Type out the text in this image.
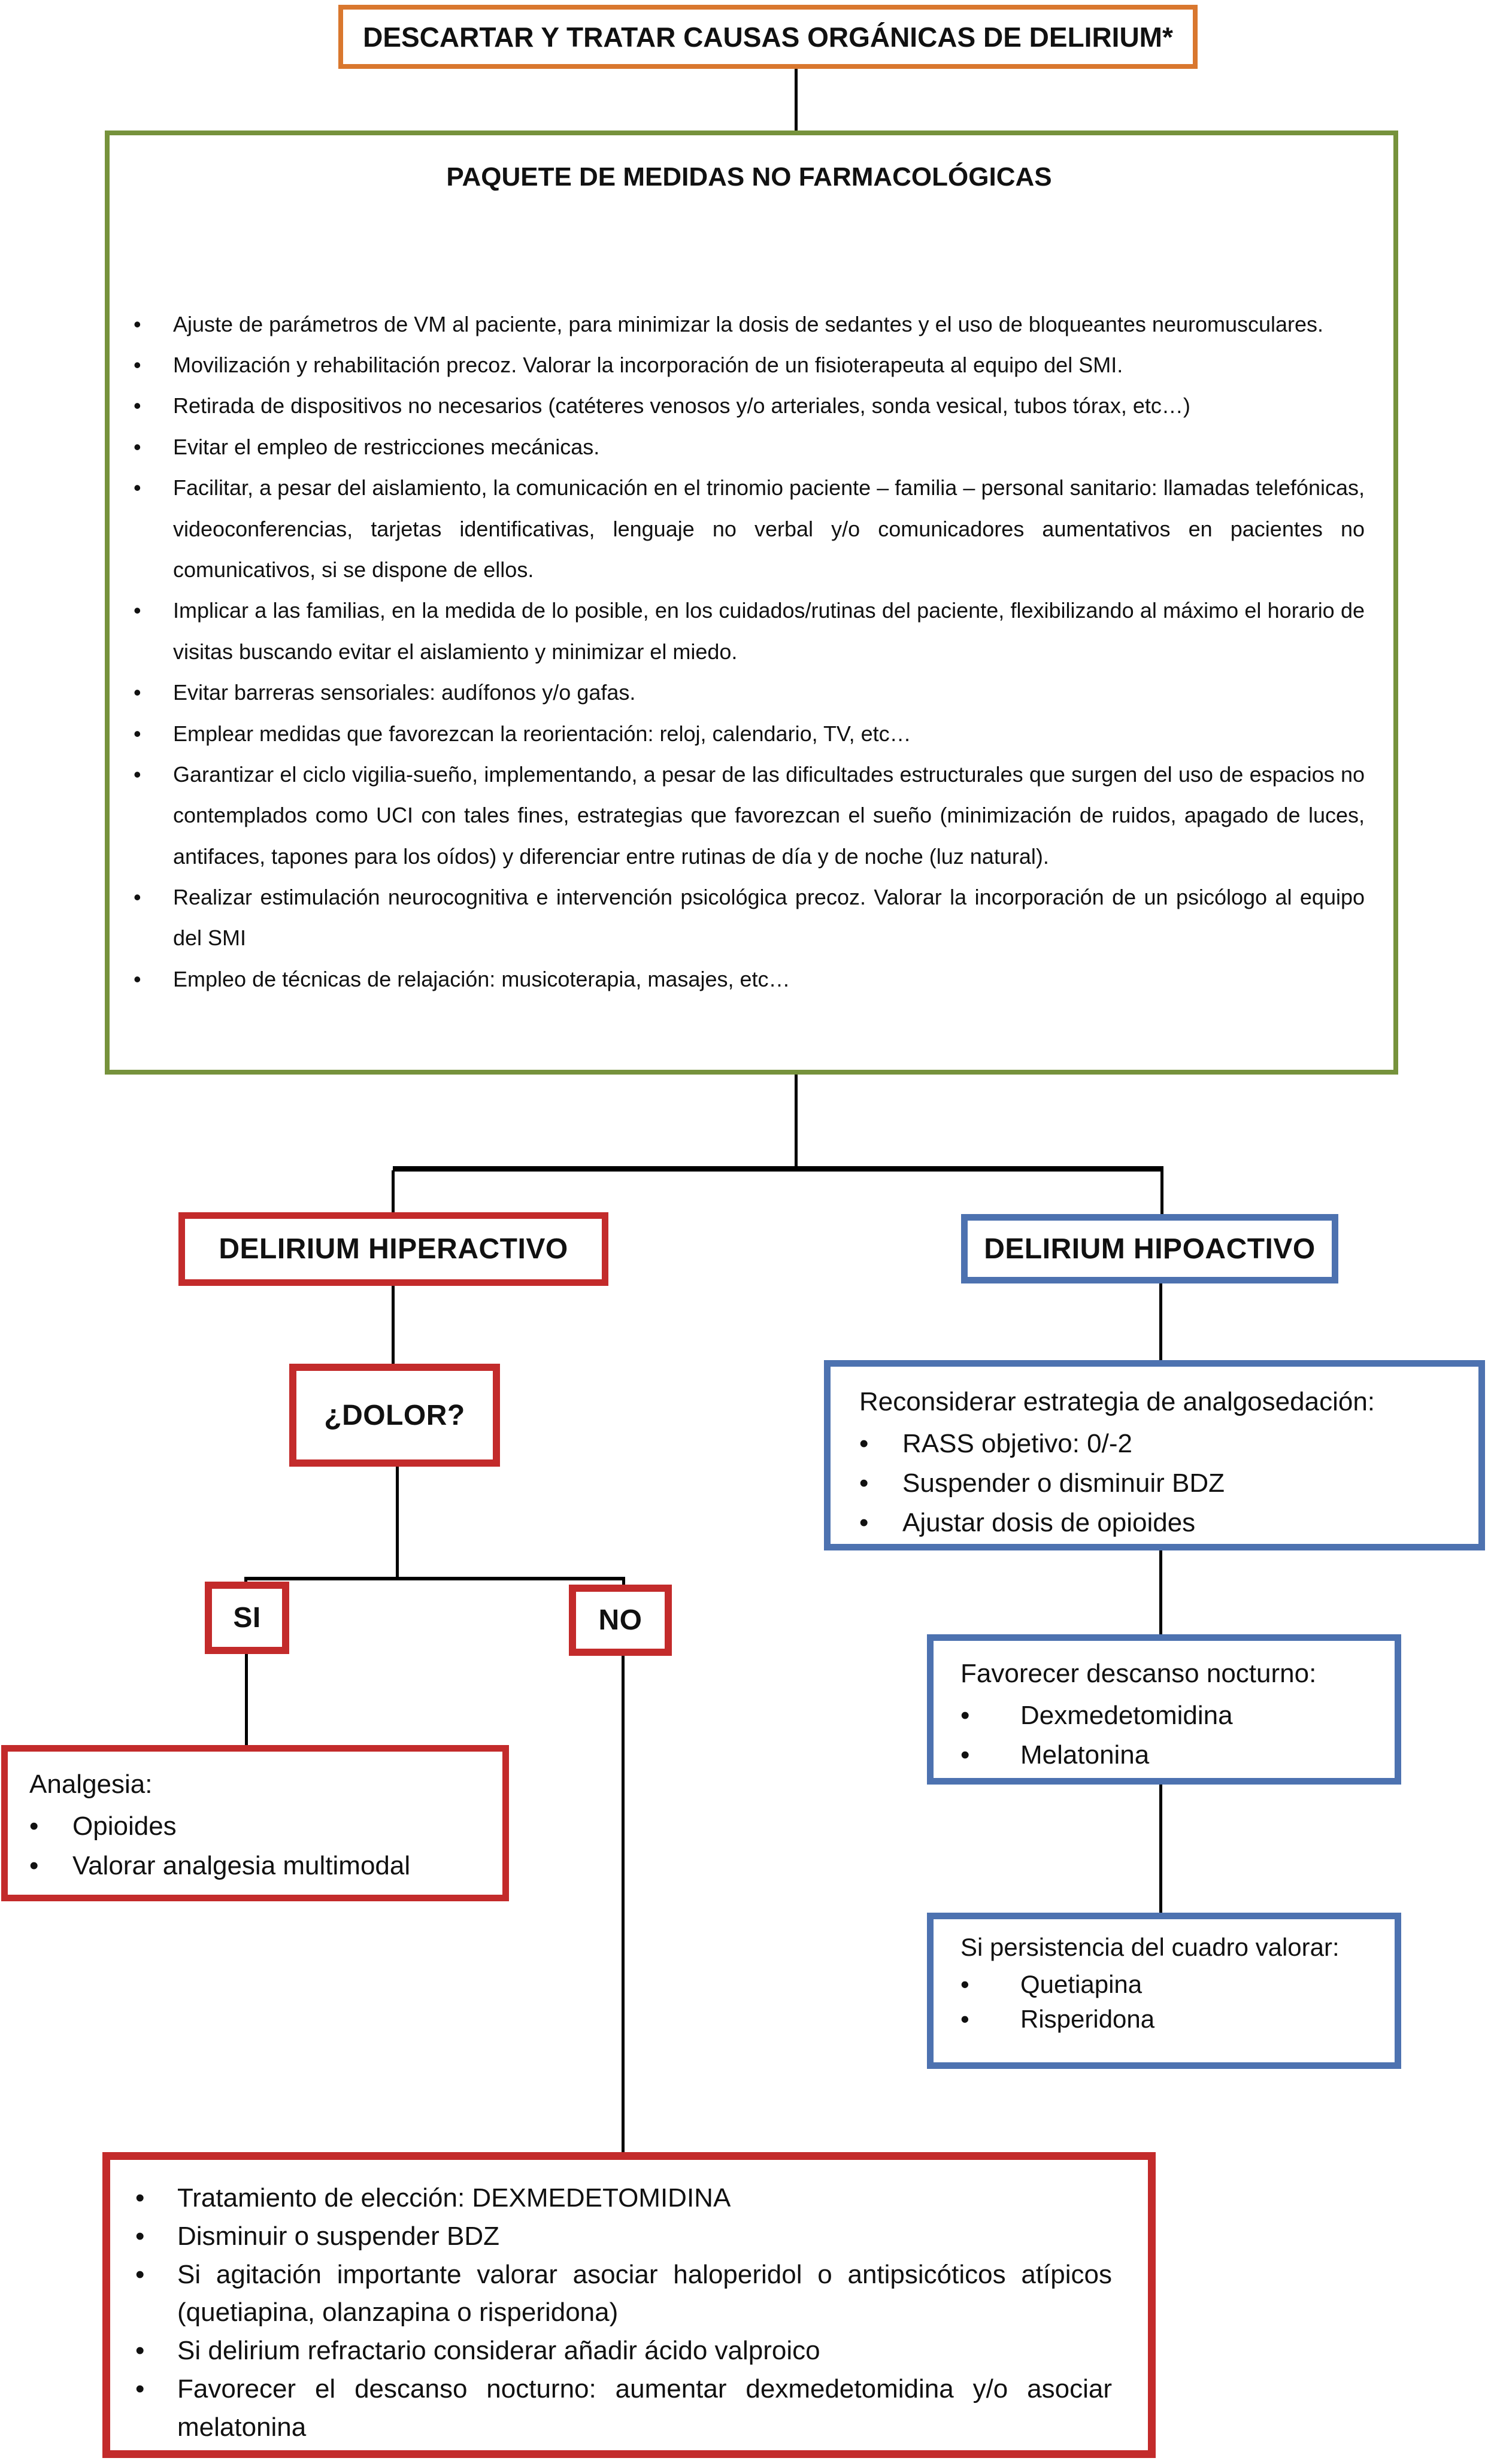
DESCARTAR Y TRATAR CAUSAS ORGÁNICAS DE DELIRIUM*
PAQUETE DE MEDIDAS NO FARMACOLÓGICAS
• Ajuste de parámetros de VM al paciente, para minimizar la dosis de sedantes y el uso de bloqueantes neuromusculares.
• Movilización y rehabilitación precoz. Valorar la incorporación de un fisioterapeuta al equipo del SMI.
• Retirada de dispositivos no necesarios (catéteres venosos y/o arteriales, sonda vesical, tubos tórax, etc…)
• Evitar el empleo de restricciones mecánicas.
• Facilitar, a pesar del aislamiento, la comunicación en el trinomio paciente – familia – personal sanitario: llamadas telefónicas, videoconferencias, tarjetas identificativas, lenguaje no verbal y/o comunicadores aumentativos en pacientes no comunicativos, si se dispone de ellos.
• Implicar a las familias, en la medida de lo posible, en los cuidados/rutinas del paciente, flexibilizando al máximo el horario de visitas buscando evitar el aislamiento y minimizar el miedo.
• Evitar barreras sensoriales: audífonos y/o gafas.
• Emplear medidas que favorezcan la reorientación: reloj, calendario, TV, etc…
• Garantizar el ciclo vigilia-sueño, implementando, a pesar de las dificultades estructurales que surgen del uso de espacios no contemplados como UCI con tales fines, estrategias que favorezcan el sueño (minimización de ruidos, apagado de luces, antifaces, tapones para los oídos) y diferenciar entre rutinas de día y de noche (luz natural).
• Realizar estimulación neurocognitiva e intervención psicológica precoz. Valorar la incorporación de un psicólogo al equipo del SMI
• Empleo de técnicas de relajación: musicoterapia, masajes, etc…
DELIRIUM HIPERACTIVO	DELIRIUM HIPOACTIVO
¿DOLOR?
SI	NO
Analgesia:
• Opioides
• Valorar analgesia multimodal
Reconsiderar estrategia de analgosedación:
• RASS objetivo: 0/-2
• Suspender o disminuir BDZ
• Ajustar dosis de opioides
Favorecer descanso nocturno:
• Dexmedetomidina
• Melatonina
Si persistencia del cuadro valorar:
• Quetiapina
• Risperidona
• Tratamiento de elección: DEXMEDETOMIDINA
• Disminuir o suspender BDZ
• Si agitación importante valorar asociar haloperidol o antipsicóticos atípicos (quetiapina, olanzapina o risperidona)
• Si delirium refractario considerar añadir ácido valproico
• Favorecer el descanso nocturno: aumentar dexmedetomidina y/o asociar melatonina
